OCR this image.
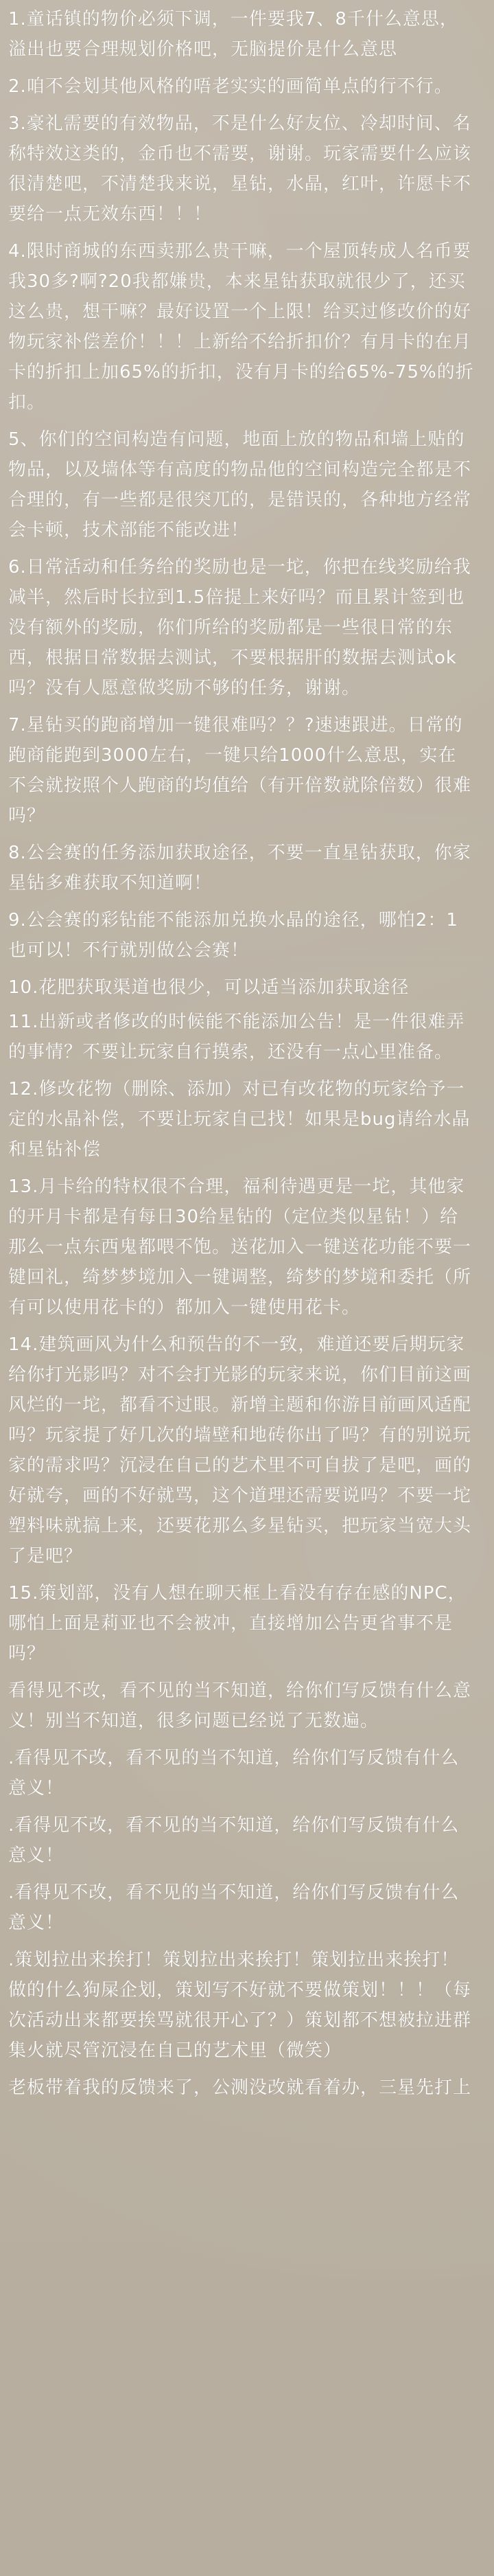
1.童话镇的物价必须下调，一件要我7、8千什么意思，溢出也要合理规划价格吧，无脑提价是什么意思
2.咱不会划其他风格的唔老实实的画简单点的行不行。
3.豪礼需要的有效物品，不是什么好友位、冷却时间、名称特效这类的，金币也不需要，谢谢。玩家需要什么应该很清楚吧，不清楚我来说，星钻，水晶，红叶，许愿卡不要给一点无效东西！！！
4.限时商城的东西卖那么贵干嘛，一个屋顶转成人名币要我30多?啊?20我都嫌贵，本来星钻获取就很少了，还买这么贵，想干嘛？最好设置一个上限！给买过修改价的好物玩家补偿差价！！！上新给不给折扣价？有月卡的在月卡的折扣上加65%的折扣，没有月卡的给65%-75%的折扣。
5、你们的空间构造有问题，地面上放的物品和墙上贴的物品，以及墙体等有高度的物品他的空间构造完全都是不合理的，有一些都是很突兀的，是错误的，各种地方经常会卡顿，技术部能不能改进！
6.日常活动和任务给的奖励也是一坨，你把在线奖励给我减半，然后时长拉到1.5倍提上来好吗？而且累计签到也没有额外的奖励，你们所给的奖励都是一些很日常的东西，根据日常数据去测试，不要根据肝的数据去测试ok吗？没有人愿意做奖励不够的任务，谢谢。
7.星钻买的跑商增加一键很难吗？？?速速跟进。日常的跑商能跑到3000左右，一键只给1000什么意思，实在不会就按照个人跑商的均值给（有开倍数就除倍数）很难吗？
8.公会赛的任务添加获取途径，不要一直星钻获取，你家星钻多难获取不知道啊！
9.公会赛的彩钻能不能添加兑换水晶的途径，哪怕2：1也可以！不行就别做公会赛！
10.花肥获取渠道也很少，可以适当添加获取途径
11.出新或者修改的时候能不能添加公告！是一件很难弄的事情？不要让玩家自行摸索，还没有一点心里准备。
12.修改花物（删除、添加）对已有改花物的玩家给予一定的水晶补偿，不要让玩家自己找！如果是bug请给水晶和星钻补偿
13.月卡给的特权很不合理，福利待遇更是一坨，其他家的开月卡都是有每日30给星钻的（定位类似星钻！）给那么一点东西鬼都喂不饱。送花加入一键送花功能不要一键回礼，绮梦梦境加入一键调整，绮梦的梦境和委托（所有可以使用花卡的）都加入一键使用花卡。
14.建筑画风为什么和预告的不一致，难道还要后期玩家给你打光影吗？对不会打光影的玩家来说，你们目前这画风烂的一坨，都看不过眼。新增主题和你游目前画风适配吗？玩家提了好几次的墙壁和地砖你出了吗？有的别说玩家的需求吗？沉浸在自己的艺术里不可自拔了是吧，画的好就夸，画的不好就骂，这个道理还需要说吗？不要一坨塑料味就搞上来，还要花那么多星钻买，把玩家当宽大头了是吧？
15.策划部，没有人想在聊天框上看没有存在感的NPC，哪怕上面是莉亚也不会被冲，直接增加公告更省事不是吗？
看得见不改，看不见的当不知道，给你们写反馈有什么意义！别当不知道，很多问题已经说了无数遍。
.看得见不改，看不见的当不知道，给你们写反馈有什么意义！
.看得见不改，看不见的当不知道，给你们写反馈有什么意义！
.看得见不改，看不见的当不知道，给你们写反馈有什么意义！
.策划拉出来挨打！策划拉出来挨打！策划拉出来挨打！做的什么狗屎企划，策划写不好就不要做策划！！！（每次活动出来都要挨骂就很开心了？）策划都不想被拉进群集火就尽管沉浸在自己的艺术里（微笑）
老板带着我的反馈来了，公测没改就看着办，三星先打上
